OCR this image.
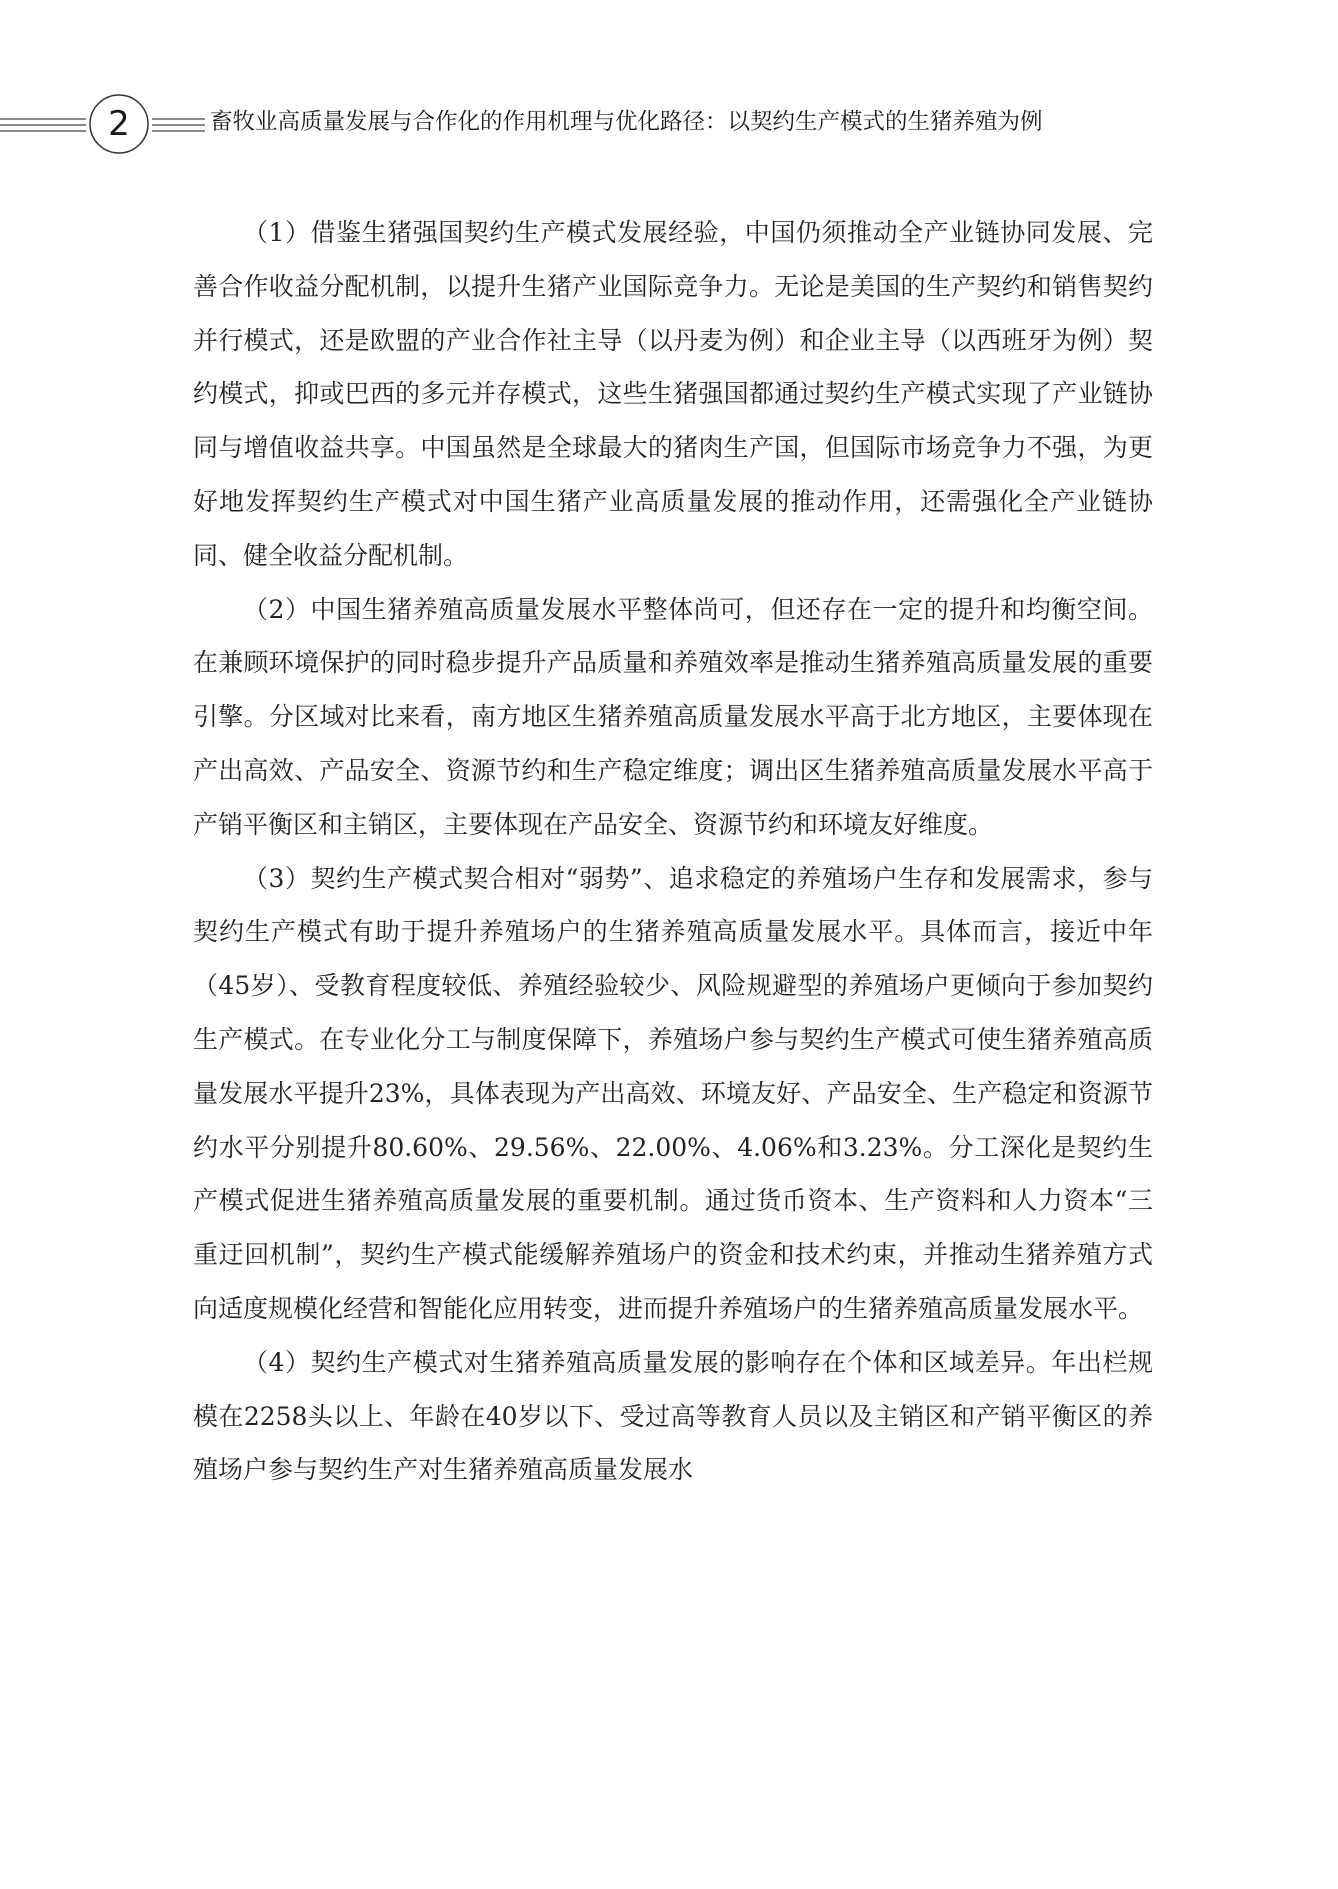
2	畜牧业高质量发展与合作化的作用机理与优化路径：以契约生产模式的生猪养殖为例

（1）借鉴生猪强国契约生产模式发展经验，中国仍须推动全产业链协同发展、完善合作收益分配机制，以提升生猪产业国际竞争力。无论是美国的生产契约和销售契约并行模式，还是欧盟的产业合作社主导（以丹麦为例）和企业主导（以西班牙为例）契约模式，抑或巴西的多元并存模式，这些生猪强国都通过契约生产模式实现了产业链协同与增值收益共享。中国虽然是全球最大的猪肉生产国，但国际市场竞争力不强，为更好地发挥契约生产模式对中国生猪产业高质量发展的推动作用，还需强化全产业链协同、健全收益分配机制。

（2）中国生猪养殖高质量发展水平整体尚可，但还存在一定的提升和均衡空间。在兼顾环境保护的同时稳步提升产品质量和养殖效率是推动生猪养殖高质量发展的重要引擎。分区域对比来看，南方地区生猪养殖高质量发展水平高于北方地区，主要体现在产出高效、产品安全、资源节约和生产稳定维度；调出区生猪养殖高质量发展水平高于产销平衡区和主销区，主要体现在产品安全、资源节约和环境友好维度。

（3）契约生产模式契合相对“弱势”、追求稳定的养殖场户生存和发展需求，参与契约生产模式有助于提升养殖场户的生猪养殖高质量发展水平。具体而言，接近中年（45岁）、受教育程度较低、养殖经验较少、风险规避型的养殖场户更倾向于参加契约生产模式。在专业化分工与制度保障下，养殖场户参与契约生产模式可使生猪养殖高质量发展水平提升23%，具体表现为产出高效、环境友好、产品安全、生产稳定和资源节约水平分别提升80.60%、29.56%、22.00%、4.06%和3.23%。分工深化是契约生产模式促进生猪养殖高质量发展的重要机制。通过货币资本、生产资料和人力资本“三重迂回机制”，契约生产模式能缓解养殖场户的资金和技术约束，并推动生猪养殖方式向适度规模化经营和智能化应用转变，进而提升养殖场户的生猪养殖高质量发展水平。

（4）契约生产模式对生猪养殖高质量发展的影响存在个体和区域差异。年出栏规模在2258头以上、年龄在40岁以下、受过高等教育人员以及主销区和产销平衡区的养殖场户参与契约生产对生猪养殖高质量发展水
